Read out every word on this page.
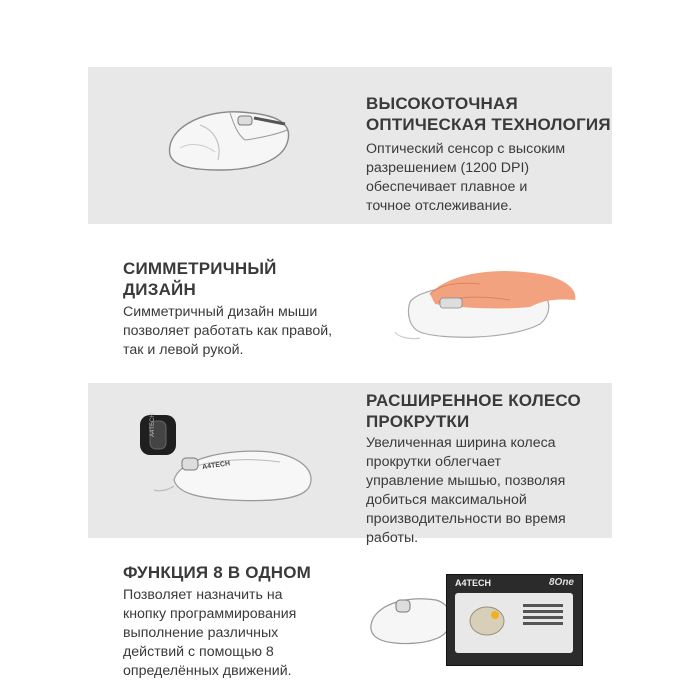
ВЫСОКОТОЧНАЯ
ОПТИЧЕСКАЯ ТЕХНОЛОГИЯ

Оптический сенсор с высоким
разрешением (1200 DPI)
обеспечивает плавное и
точное отслеживание.

СИММЕТРИЧНЫЙ
ДИЗАЙН

Симметричный дизайн мыши
позволяет работать как правой,
так и левой рукой.

A4TECH
A4TECH
РАСШИРЕННОЕ КОЛЕСО
ПРОКРУТКИ

Увеличенная ширина колеса
прокрутки облегчает
управление мышью, позволяя
добиться максимальной
производительности во время
работы.

ФУНКЦИЯ 8 В ОДНОМ

Позволяет назначить на
кнопку программирования
выполнение различных
действий с помощью 8
определённых движений.

A4TECH	8One
